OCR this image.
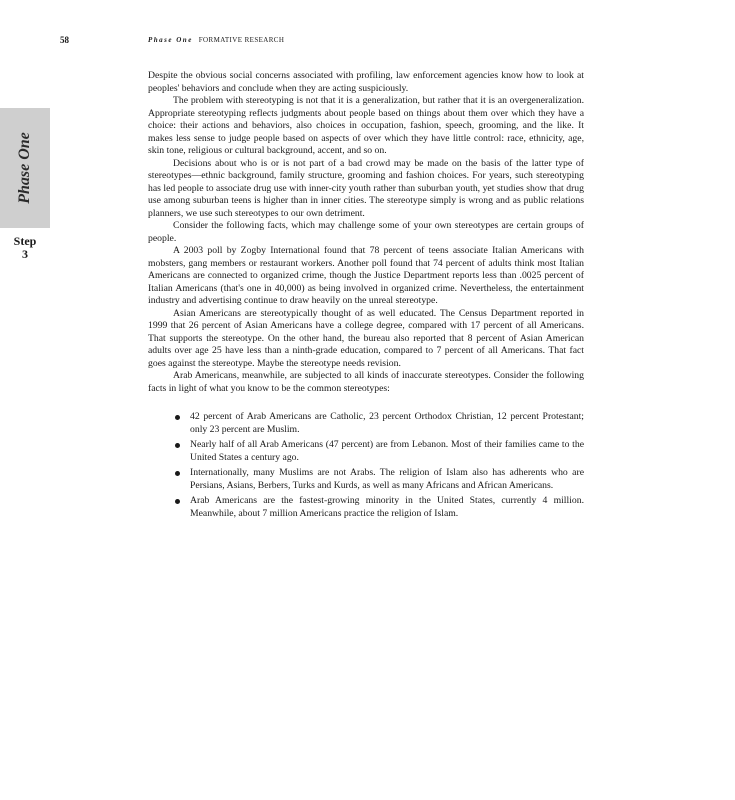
58	Phase One FORMATIVE RESEARCH
Phase One
Step
3

Despite the obvious social concerns associated with profiling, law enforcement agencies know how to look at peoples' behaviors and conclude when they are acting suspiciously.

The problem with stereotyping is not that it is a generalization, but rather that it is an overgeneralization. Appropriate stereotyping reflects judgments about people based on things about them over which they have a choice: their actions and behaviors, also choices in occupation, fashion, speech, grooming, and the like. It makes less sense to judge people based on aspects of over which they have little control: race, ethnicity, age, skin tone, religious or cultural background, accent, and so on.

Decisions about who is or is not part of a bad crowd may be made on the basis of the latter type of stereotypes—ethnic background, family structure, grooming and fashion choices. For years, such stereotyping has led people to associate drug use with inner-city youth rather than suburban youth, yet studies show that drug use among suburban teens is higher than in inner cities. The stereotype simply is wrong and as public relations planners, we use such stereotypes to our own detriment.

Consider the following facts, which may challenge some of your own stereotypes are certain groups of people.

A 2003 poll by Zogby International found that 78 percent of teens associate Italian Americans with mobsters, gang members or restaurant workers. Another poll found that 74 percent of adults think most Italian Americans are connected to organized crime, though the Justice Department reports less than .0025 percent of Italian Americans (that's one in 40,000) as being involved in organized crime. Nevertheless, the entertainment industry and advertising continue to draw heavily on the unreal stereotype.

Asian Americans are stereotypically thought of as well educated. The Census Department reported in 1999 that 26 percent of Asian Americans have a college degree, compared with 17 percent of all Americans. That supports the stereotype. On the other hand, the bureau also reported that 8 percent of Asian American adults over age 25 have less than a ninth-grade education, compared to 7 percent of all Americans. That fact goes against the stereotype. Maybe the stereotype needs revision.

Arab Americans, meanwhile, are subjected to all kinds of inaccurate stereotypes. Consider the following facts in light of what you know to be the common stereotypes:

42 percent of Arab Americans are Catholic, 23 percent Orthodox Christian, 12 percent Protestant; only 23 percent are Muslim.
Nearly half of all Arab Americans (47 percent) are from Lebanon. Most of their families came to the United States a century ago.
Internationally, many Muslims are not Arabs. The religion of Islam also has adherents who are Persians, Asians, Berbers, Turks and Kurds, as well as many Africans and African Americans.
Arab Americans are the fastest-growing minority in the United States, currently 4 million. Meanwhile, about 7 million Americans practice the religion of Islam.
